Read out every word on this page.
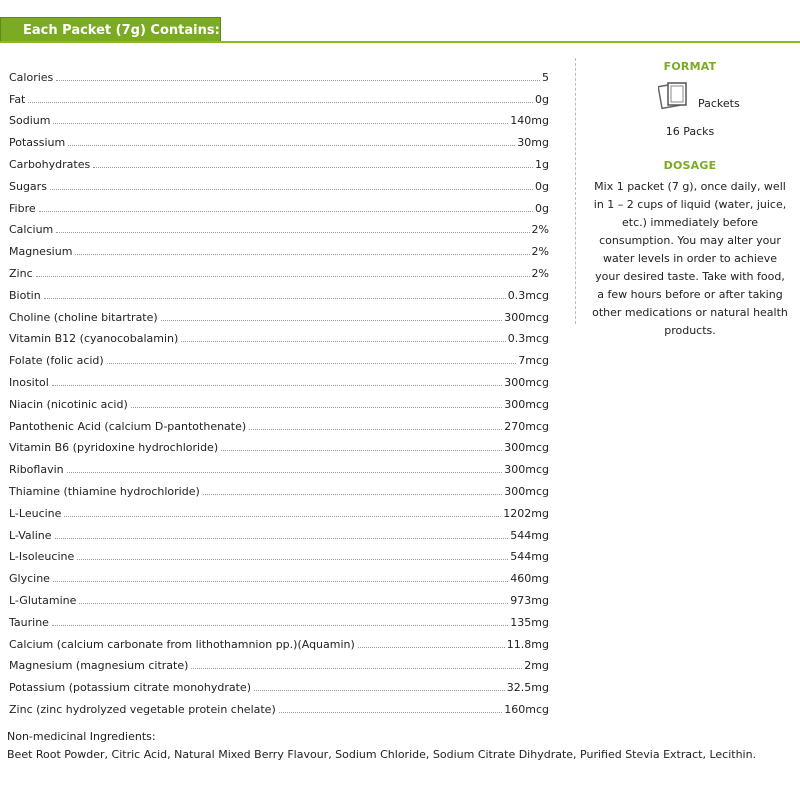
Each Packet (7g) Contains:
Calories	5
Fat	0g
Sodium	140mg
Potassium	30mg
Carbohydrates	1g
Sugars	0g
Fibre	0g
Calcium	2%
Magnesium	2%
Zinc	2%
Biotin	0.3mcg
Choline (choline bitartrate)	300mcg
Vitamin B12 (cyanocobalamin)	0.3mcg
Folate (folic acid)	7mcg
Inositol	300mcg
Niacin (nicotinic acid)	300mcg
Pantothenic Acid (calcium D-pantothenate)	270mcg
Vitamin B6 (pyridoxine hydrochloride)	300mcg
Riboflavin	300mcg
Thiamine (thiamine hydrochloride)	300mcg
L-Leucine	1202mg
L-Valine	544mg
L-Isoleucine	544mg
Glycine	460mg
L-Glutamine	973mg
Taurine	135mg
Calcium (calcium carbonate from lithothamnion pp.)(Aquamin)	11.8mg
Magnesium (magnesium citrate)	2mg
Potassium (potassium citrate monohydrate)	32.5mg
Zinc (zinc hydrolyzed vegetable protein chelate)	160mcg
FORMAT
Packets
16 Packs
DOSAGE
Mix 1 packet (7 g), once daily, well in 1 – 2 cups of liquid (water, juice, etc.) immediately before consumption. You may alter your water levels in order to achieve your desired taste. Take with food, a few hours before or after taking other medications or natural health products.
Non-medicinal Ingredients:
Beet Root Powder, Citric Acid, Natural Mixed Berry Flavour, Sodium Chloride, Sodium Citrate Dihydrate, Purified Stevia Extract, Lecithin.
